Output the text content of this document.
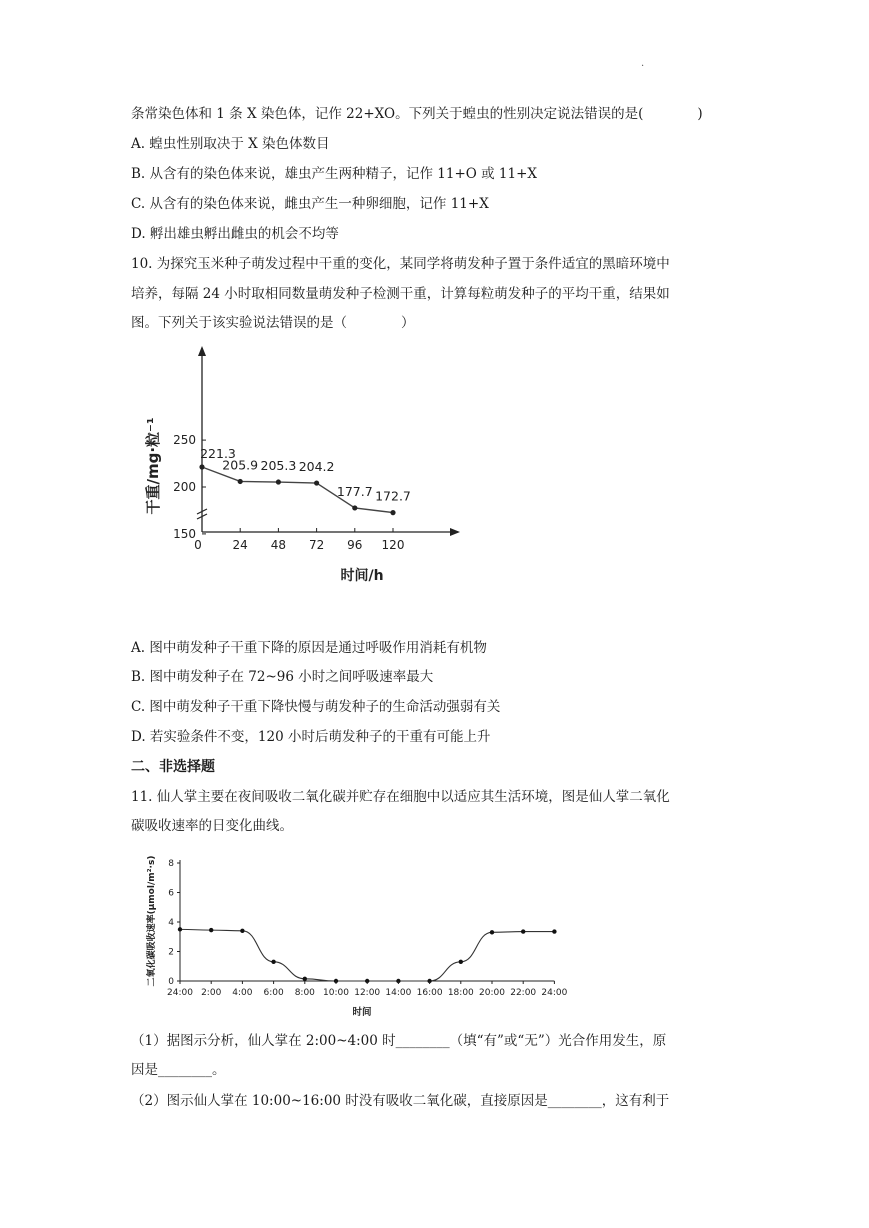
.
条常染色体和 1 条 X 染色体，记作 22+XO。下列关于蝗虫的性别决定说法错误的是(　　　　)
A. 蝗虫性别取决于 X 染色体数目
B. 从含有的染色体来说，雄虫产生两种精子，记作 11+O 或 11+X
C. 从含有的染色体来说，雌虫产生一种卵细胞，记作 11+X
D. 孵出雄虫孵出雌虫的机会不均等
10. 为探究玉米种子萌发过程中干重的变化，某同学将萌发种子置于条件适宜的黑暗环境中
培养，每隔 24 小时取相同数量萌发种子检测干重，计算每粒萌发种子的平均干重，结果如
图。下列关于该实验说法错误的是（　　　　）
221.3
205.9 205.3 204.2
177.7 172.7
0	24 48 72 96 120
150
200
250
干重/mg·粒⁻¹
时间/h
A. 图中萌发种子干重下降的原因是通过呼吸作用消耗有机物
B. 图中萌发种子在 72~96 小时之间呼吸速率最大
C. 图中萌发种子干重下降快慢与萌发种子的生命活动强弱有关
D. 若实验条件不变，120 小时后萌发种子的干重有可能上升
二、非选择题
11. 仙人掌主要在夜间吸收二氧化碳并贮存在细胞中以适应其生活环境，图是仙人掌二氧化
碳吸收速率的日变化曲线。
24:00 2:00 4:00 6:00 8:00 10:00 12:00 14:00 16:00 18:00 20:00 22:00 24:00
0
2
4
6
8
二氧化碳吸收速率(μmol/m²·s)
时间
（1）据图示分析，仙人掌在 2:00~4:00 时________（填“有”或“无”）光合作用发生，原
因是________。
（2）图示仙人掌在 10:00~16:00 时没有吸收二氧化碳，直接原因是________，这有利于
